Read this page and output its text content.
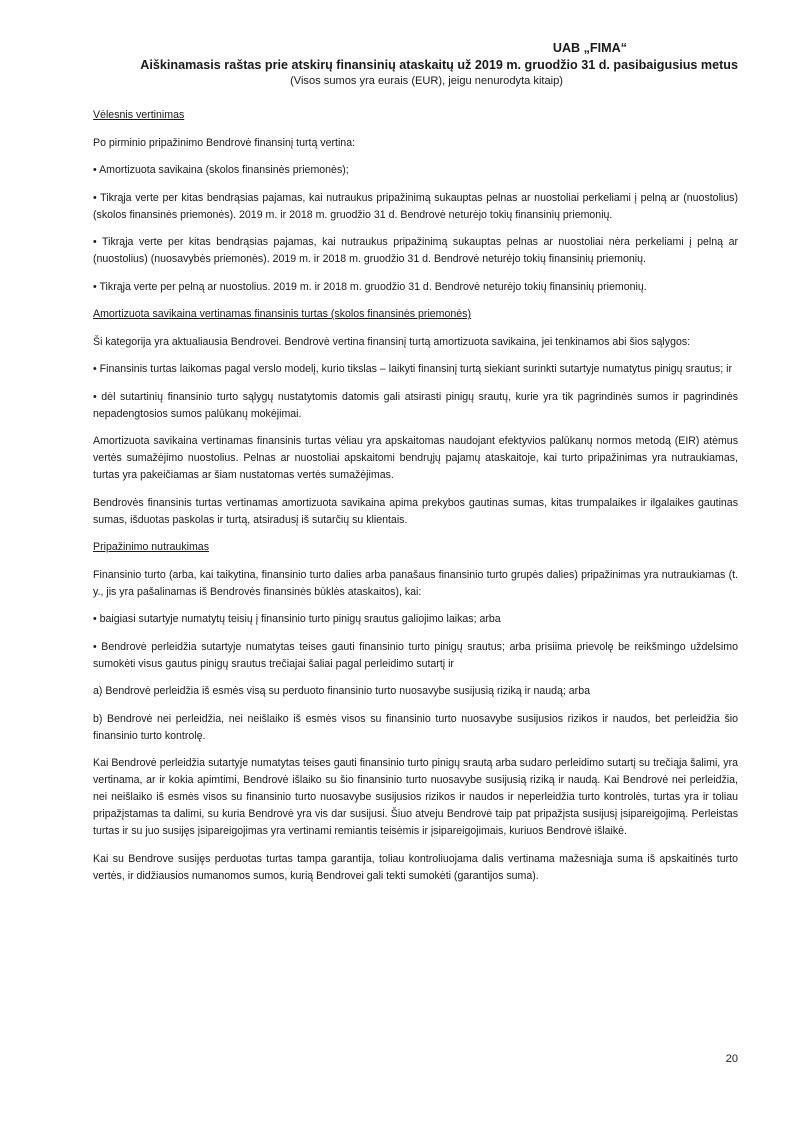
UAB „FIMA“
Aiškinamasis raštas prie atskirų finansinių ataskaitų už 2019 m. gruodžio 31 d. pasibaigusius metus
(Visos sumos yra eurais (EUR), jeigu nenurodyta kitaip)

Vėlesnis vertinimas

Po pirminio pripažinimo Bendrovė finansinį turtą vertina:

• Amortizuota savikaina (skolos finansinės priemonės);

• Tikrąja verte per kitas bendrąsias pajamas, kai nutraukus pripažinimą sukauptas pelnas ar nuostoliai perkeliami į pelną ar (nuostolius) (skolos finansinės priemonės). 2019 m. ir 2018 m. gruodžio 31 d. Bendrovė neturėjo tokių finansinių priemonių.

• Tikrąja verte per kitas bendrąsias pajamas, kai nutraukus pripažinimą sukauptas pelnas ar nuostoliai nėra perkeliami į pelną ar (nuostolius) (nuosavybės priemonės). 2019 m. ir 2018 m. gruodžio 31 d. Bendrovė neturėjo tokių finansinių priemonių.

• Tikrąja verte per pelną ar nuostolius. 2019 m. ir 2018 m. gruodžio 31 d. Bendrovė neturėjo tokių finansinių priemonių.

Amortizuota savikaina vertinamas finansinis turtas (skolos finansinės priemonės)

Ši kategorija yra aktualiausia Bendrovei. Bendrovė vertina finansinį turtą amortizuota savikaina, jei tenkinamos abi šios sąlygos:

• Finansinis turtas laikomas pagal verslo modelį, kurio tikslas – laikyti finansinį turtą siekiant surinkti sutartyje numatytus pinigų srautus; ir

• dėl sutartinių finansinio turto sąlygų nustatytomis datomis gali atsirasti pinigų srautų, kurie yra tik pagrindinės sumos ir pagrindinės nepadengtosios sumos palūkanų mokėjimai.

Amortizuota savikaina vertinamas finansinis turtas vėliau yra apskaitomas naudojant efektyvios palūkanų normos metodą (EIR) atėmus vertės sumažėjimo nuostolius. Pelnas ar nuostoliai apskaitomi bendrųjų pajamų ataskaitoje, kai turto pripažinimas yra nutraukiamas, turtas yra pakeičiamas ar šiam nustatomas vertės sumažėjimas.

Bendrovės finansinis turtas vertinamas amortizuota savikaina apima prekybos gautinas sumas, kitas trumpalaikes ir ilgalaikes gautinas sumas, išduotas paskolas ir turtą, atsiradusį iš sutarčių su klientais.

Pripažinimo nutraukimas

Finansinio turto (arba, kai taikytina, finansinio turto dalies arba panašaus finansinio turto grupės dalies) pripažinimas yra nutraukiamas (t. y., jis yra pašalinamas iš Bendrovės finansinės būklės ataskaitos), kai:

• baigiasi sutartyje numatytų teisių į finansinio turto pinigų srautus galiojimo laikas; arba

• Bendrovė perleidžia sutartyje numatytas teises gauti finansinio turto pinigų srautus; arba prisiima prievolę be reikšmingo uždelsimo sumokėti visus gautus pinigų srautus trečiajai šaliai pagal perleidimo sutartį ir

a) Bendrovė perleidžia iš esmės visą su perduoto finansinio turto nuosavybe susijusią riziką ir naudą; arba

b) Bendrovė nei perleidžia, nei neišlaiko iš esmės visos su finansinio turto nuosavybe susijusios rizikos ir naudos, bet perleidžia šio finansinio turto kontrolę.

Kai Bendrovė perleidžia sutartyje numatytas teises gauti finansinio turto pinigų srautą arba sudaro perleidimo sutartį su trečiąja šalimi, yra vertinama, ar ir kokia apimtimi, Bendrovė išlaiko su šio finansinio turto nuosavybe susijusią riziką ir naudą. Kai Bendrovė nei perleidžia, nei neišlaiko iš esmės visos su finansinio turto nuosavybe susijusios rizikos ir naudos ir neperleidžia turto kontrolės, turtas yra ir toliau pripažįstamas ta dalimi, su kuria Bendrovė yra vis dar susijusi. Šiuo atveju Bendrovė taip pat pripažįsta susijusį įsipareigojimą. Perleistas turtas ir su juo susijęs įsipareigojimas yra vertinami remiantis teisėmis ir įsipareigojimais, kuriuos Bendrovė išlaikė.

Kai su Bendrove susijęs perduotas turtas tampa garantija, toliau kontroliuojama dalis vertinama mažesniąja suma iš apskaitinės turto vertės, ir didžiausios numanomos sumos, kurią Bendrovei gali tekti sumokėti (garantijos suma).

20
